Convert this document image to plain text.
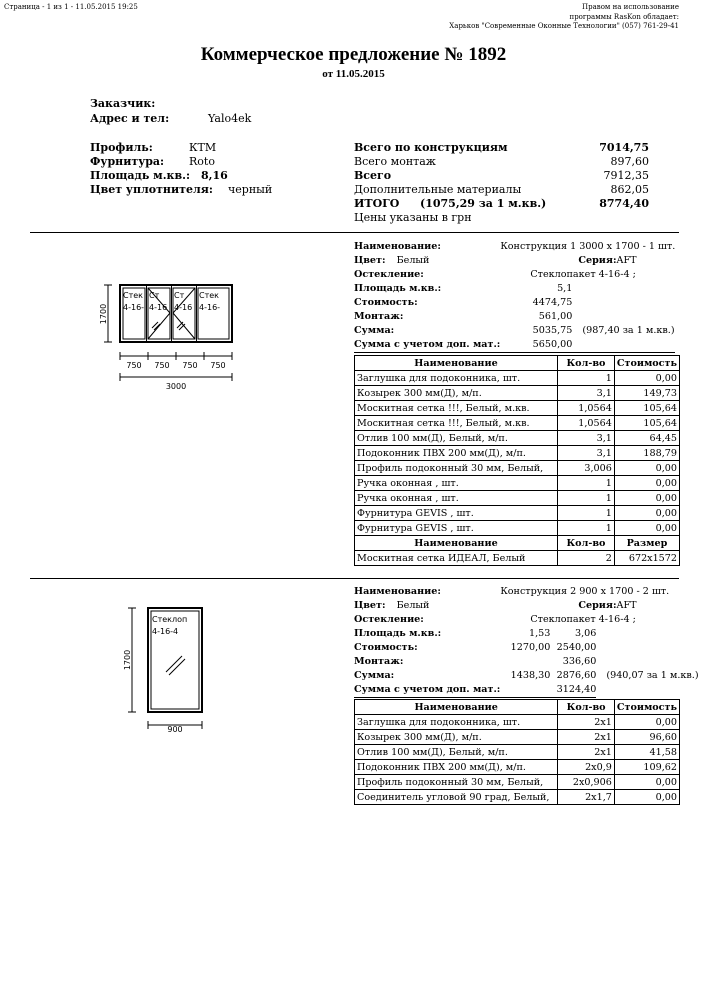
Страница - 1 из 1 - 11.05.2015 19:25	Правом на использование
программы RasKon обладает:
Харьков "Современные Оконные Технологии" (057) 761-29-41
Коммерческое предложение № 1892
от 11.05.2015
Заказчик:
Адрес и тел:	Yalo4ek
Профиль:	КТМ
Фурнитура: Roto
Площадь м.кв.: 8,16
Цвет уплотнителя: черный
Всего по конструкциям	7014,75
Всего монтаж	897,60
Всего	7912,35
Дополнительные материалы	862,05
ИТОГО (1075,29 за 1 м.кв.)	8774,40
Цены указаны в грн
1700
Стек
4-16-
Ст
4-16
Ст
4-16
Стек
4-16-
750 750 750 750
3000
Наименование:	Конструкция 1 3000 x 1700 - 1 шт.	
Цвет: Белый	Серия:AFT	
Остекление:	Стеклопакет 4-16-4 ;	
Площадь м.кв.:	5,1	
Стоимость:	4474,75	
Монтаж:	561,00	
Сумма:	5035,75	(987,40 за 1 м.кв.)
Сумма с учетом доп. мат.:	5650,00	
Наименование	Кол-во	Стоимость
Заглушка для подоконника, шт.	1	0,00
Козырек 300 мм(Д), м/п.	3,1	149,73
Москитная сетка !!!, Белый, м.кв.	1,0564	105,64
Москитная сетка !!!, Белый, м.кв.	1,0564	105,64
Отлив 100 мм(Д), Белый, м/п.	3,1	64,45
Подоконник ПВХ 200 мм(Д), м/п.	3,1	188,79
Профиль подоконный 30 мм, Белый,	3,006	0,00
Ручка оконная , шт.	1	0,00
Ручка оконная , шт.	1	0,00
Фурнитура GEVIS , шт.	1	0,00
Фурнитура GEVIS , шт.	1	0,00
Наименование	Кол-во	Размер
Москитная сетка ИДЕАЛ, Белый	2	672x1572
1700
Стеклоп
4-16-4
900
Наименование:	Конструкция 2 900 x 1700 - 2 шт.		
Цвет: Белый	Серия:AFT		
Остекление:	Стеклопакет 4-16-4 ;		
Площадь м.кв.:	1,53	3,06	
Стоимость:	1270,00	2540,00	
Монтаж:		336,60	
Сумма:	1438,30	2876,60	(940,07 за 1 м.кв.)
Сумма с учетом доп. мат.:	3124,40		
Наименование	Кол-во	Стоимость
Заглушка для подоконника, шт.	2x1	0,00
Козырек 300 мм(Д), м/п.	2x1	96,60
Отлив 100 мм(Д), Белый, м/п.	2x1	41,58
Подоконник ПВХ 200 мм(Д), м/п.	2x0,9	109,62
Профиль подоконный 30 мм, Белый,	2x0,906	0,00
Соединитель угловой 90 град, Белый,	2x1,7	0,00
